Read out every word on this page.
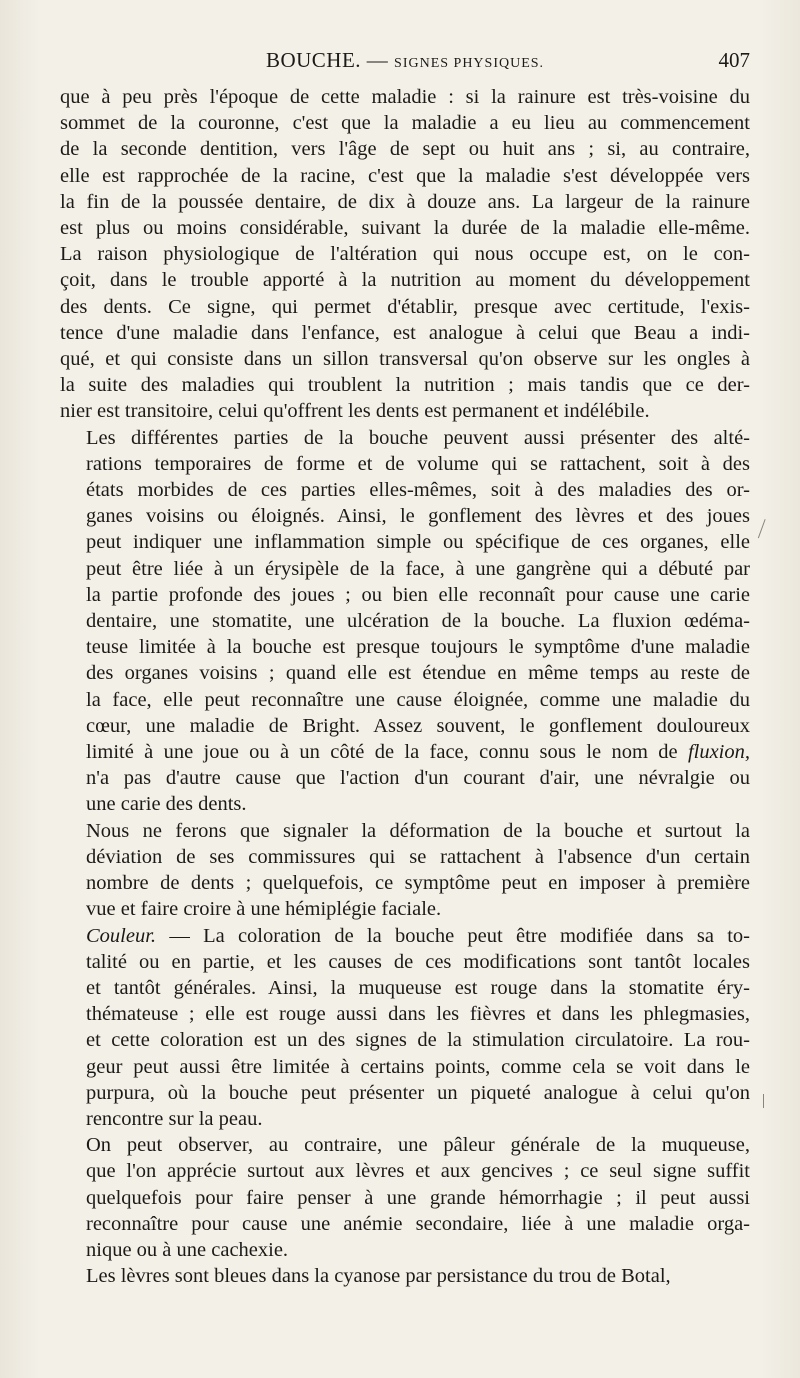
BOUCHE. — SIGNES PHYSIQUES.	407

que à peu près l'époque de cette maladie : si la rainure est très-voisine du
sommet de la couronne, c'est que la maladie a eu lieu au commencement
de la seconde dentition, vers l'âge de sept ou huit ans ; si, au contraire,
elle est rapprochée de la racine, c'est que la maladie s'est développée vers
la fin de la poussée dentaire, de dix à douze ans. La largeur de la rainure
est plus ou moins considérable, suivant la durée de la maladie elle-même.
La raison physiologique de l'altération qui nous occupe est, on le con-
çoit, dans le trouble apporté à la nutrition au moment du développement
des dents. Ce signe, qui permet d'établir, presque avec certitude, l'exis-
tence d'une maladie dans l'enfance, est analogue à celui que Beau a indi-
qué, et qui consiste dans un sillon transversal qu'on observe sur les ongles à
la suite des maladies qui troublent la nutrition ; mais tandis que ce der-
nier est transitoire, celui qu'offrent les dents est permanent et indélébile.

Les différentes parties de la bouche peuvent aussi présenter des alté-
rations temporaires de forme et de volume qui se rattachent, soit à des
états morbides de ces parties elles-mêmes, soit à des maladies des or-
ganes voisins ou éloignés. Ainsi, le gonflement des lèvres et des joues
peut indiquer une inflammation simple ou spécifique de ces organes, elle
peut être liée à un érysipèle de la face, à une gangrène qui a débuté par
la partie profonde des joues ; ou bien elle reconnaît pour cause une carie
dentaire, une stomatite, une ulcération de la bouche. La fluxion œdéma-
teuse limitée à la bouche est presque toujours le symptôme d'une maladie
des organes voisins ; quand elle est étendue en même temps au reste de
la face, elle peut reconnaître une cause éloignée, comme une maladie du
cœur, une maladie de Bright. Assez souvent, le gonflement douloureux
limité à une joue ou à un côté de la face, connu sous le nom de fluxion,
n'a pas d'autre cause que l'action d'un courant d'air, une névralgie ou
une carie des dents.

Nous ne ferons que signaler la déformation de la bouche et surtout la
déviation de ses commissures qui se rattachent à l'absence d'un certain
nombre de dents ; quelquefois, ce symptôme peut en imposer à première
vue et faire croire à une hémiplégie faciale.

Couleur. — La coloration de la bouche peut être modifiée dans sa to-
talité ou en partie, et les causes de ces modifications sont tantôt locales
et tantôt générales. Ainsi, la muqueuse est rouge dans la stomatite éry-
thémateuse ; elle est rouge aussi dans les fièvres et dans les phlegmasies,
et cette coloration est un des signes de la stimulation circulatoire. La rou-
geur peut aussi être limitée à certains points, comme cela se voit dans le
purpura, où la bouche peut présenter un piqueté analogue à celui qu'on
rencontre sur la peau.

On peut observer, au contraire, une pâleur générale de la muqueuse,
que l'on apprécie surtout aux lèvres et aux gencives ; ce seul signe suffit
quelquefois pour faire penser à une grande hémorrhagie ; il peut aussi
reconnaître pour cause une anémie secondaire, liée à une maladie orga-
nique ou à une cachexie.

Les lèvres sont bleues dans la cyanose par persistance du trou de Botal,
